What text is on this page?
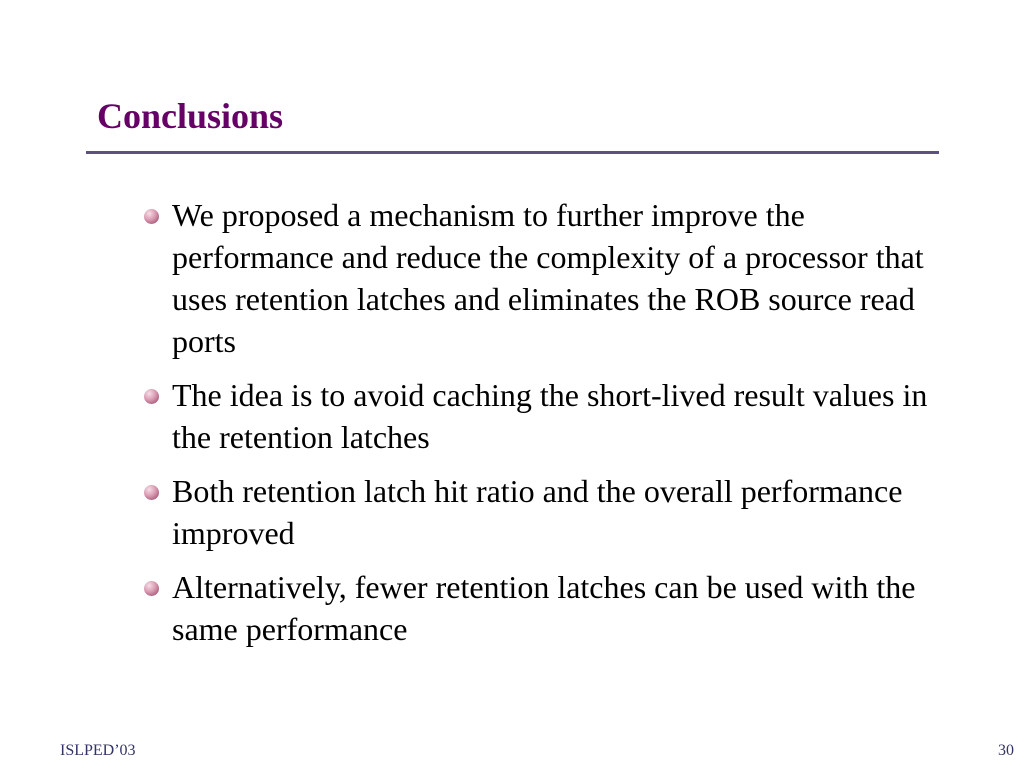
Conclusions
We proposed a mechanism to further improve the performance and reduce the complexity of a processor that uses retention latches and eliminates the ROB source read ports
The idea is to avoid caching the short-lived result values in the retention latches
Both retention latch hit ratio and the overall performance improved
Alternatively, fewer retention latches can be used with the same performance
ISLPED’03	30
